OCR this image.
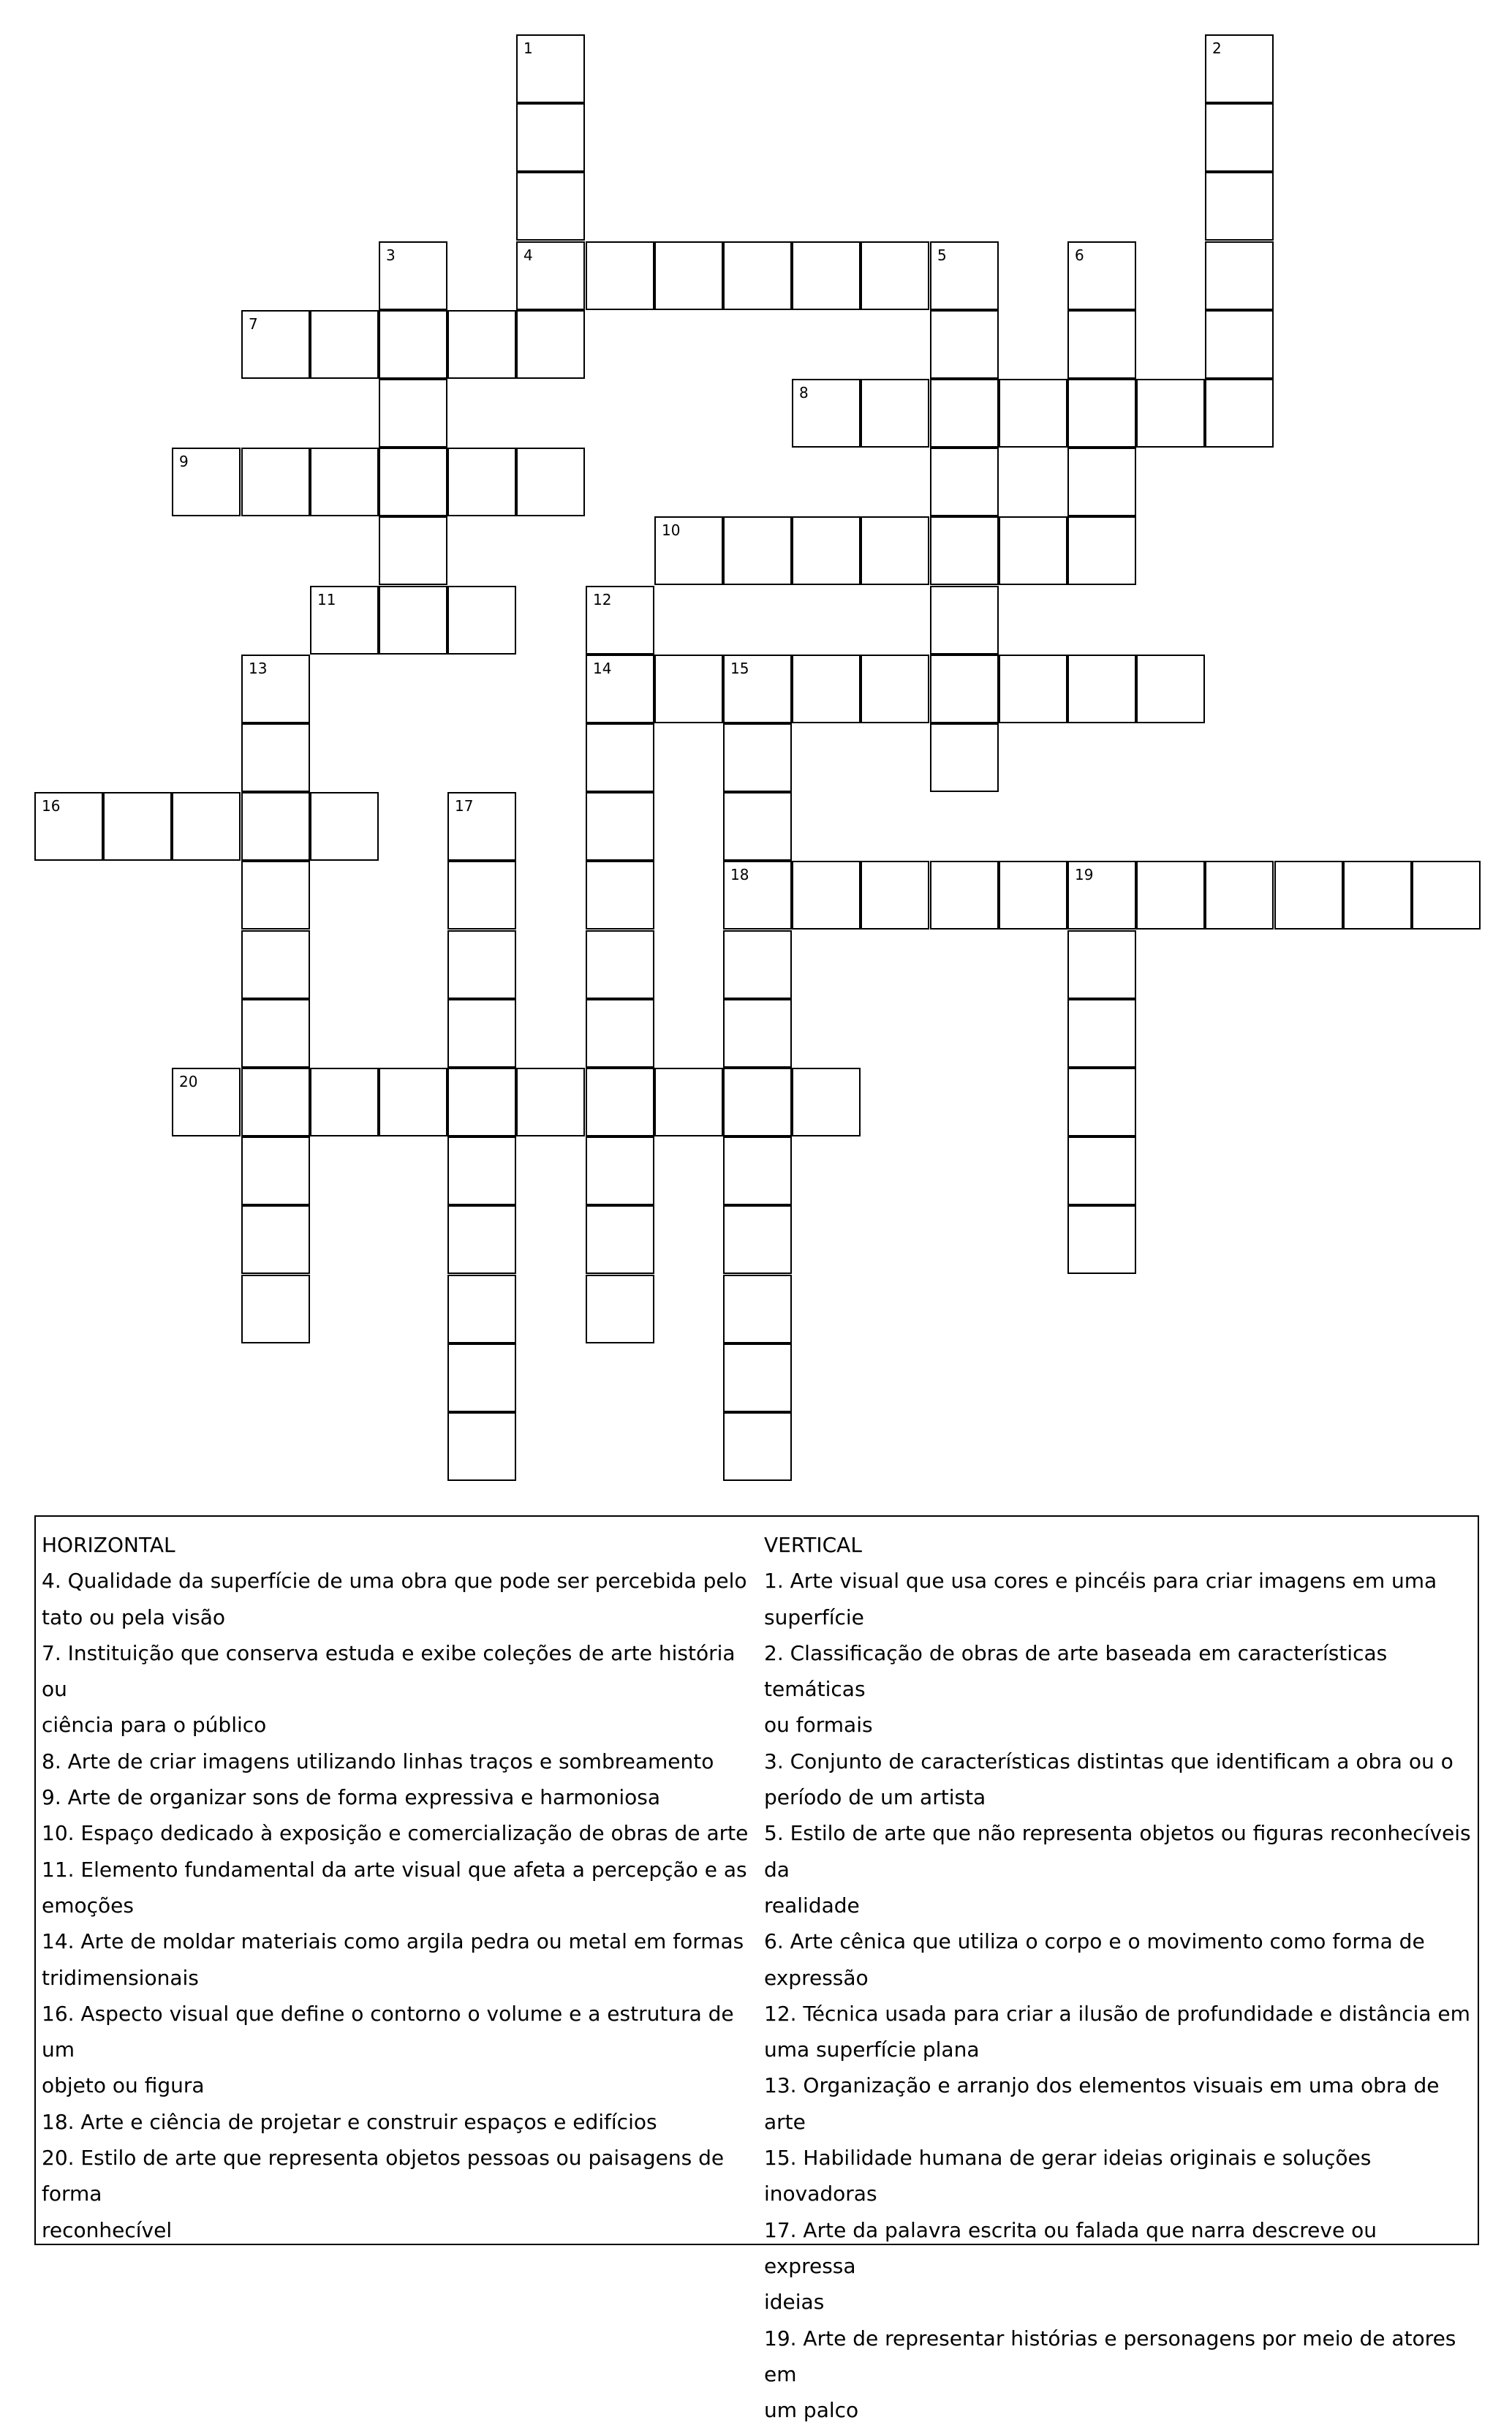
1
4
2
3	5	6
7
8
9
10
11	12
14
13	15
18
16	17
19
20
HORIZONTAL
4. Qualidade da superfície de uma obra que pode ser percebida pelo
tato ou pela visão
7. Instituição que conserva estuda e exibe coleções de arte história ou
ciência para o público
8. Arte de criar imagens utilizando linhas traços e sombreamento
9. Arte de organizar sons de forma expressiva e harmoniosa
10. Espaço dedicado à exposição e comercialização de obras de arte
11. Elemento fundamental da arte visual que afeta a percepção e as
emoções
14. Arte de moldar materiais como argila pedra ou metal em formas
tridimensionais
16. Aspecto visual que define o contorno o volume e a estrutura de um
objeto ou figura
18. Arte e ciência de projetar e construir espaços e edifícios
20. Estilo de arte que representa objetos pessoas ou paisagens de forma
reconhecível
VERTICAL
1. Arte visual que usa cores e pincéis para criar imagens em uma
superfície
2. Classificação de obras de arte baseada em características temáticas
ou formais
3. Conjunto de características distintas que identificam a obra ou o
período de um artista
5. Estilo de arte que não representa objetos ou figuras reconhecíveis da
realidade
6. Arte cênica que utiliza o corpo e o movimento como forma de
expressão
12. Técnica usada para criar a ilusão de profundidade e distância em
uma superfície plana
13. Organização e arranjo dos elementos visuais em uma obra de arte
15. Habilidade humana de gerar ideias originais e soluções inovadoras
17. Arte da palavra escrita ou falada que narra descreve ou expressa
ideias
19. Arte de representar histórias e personagens por meio de atores em
um palco
